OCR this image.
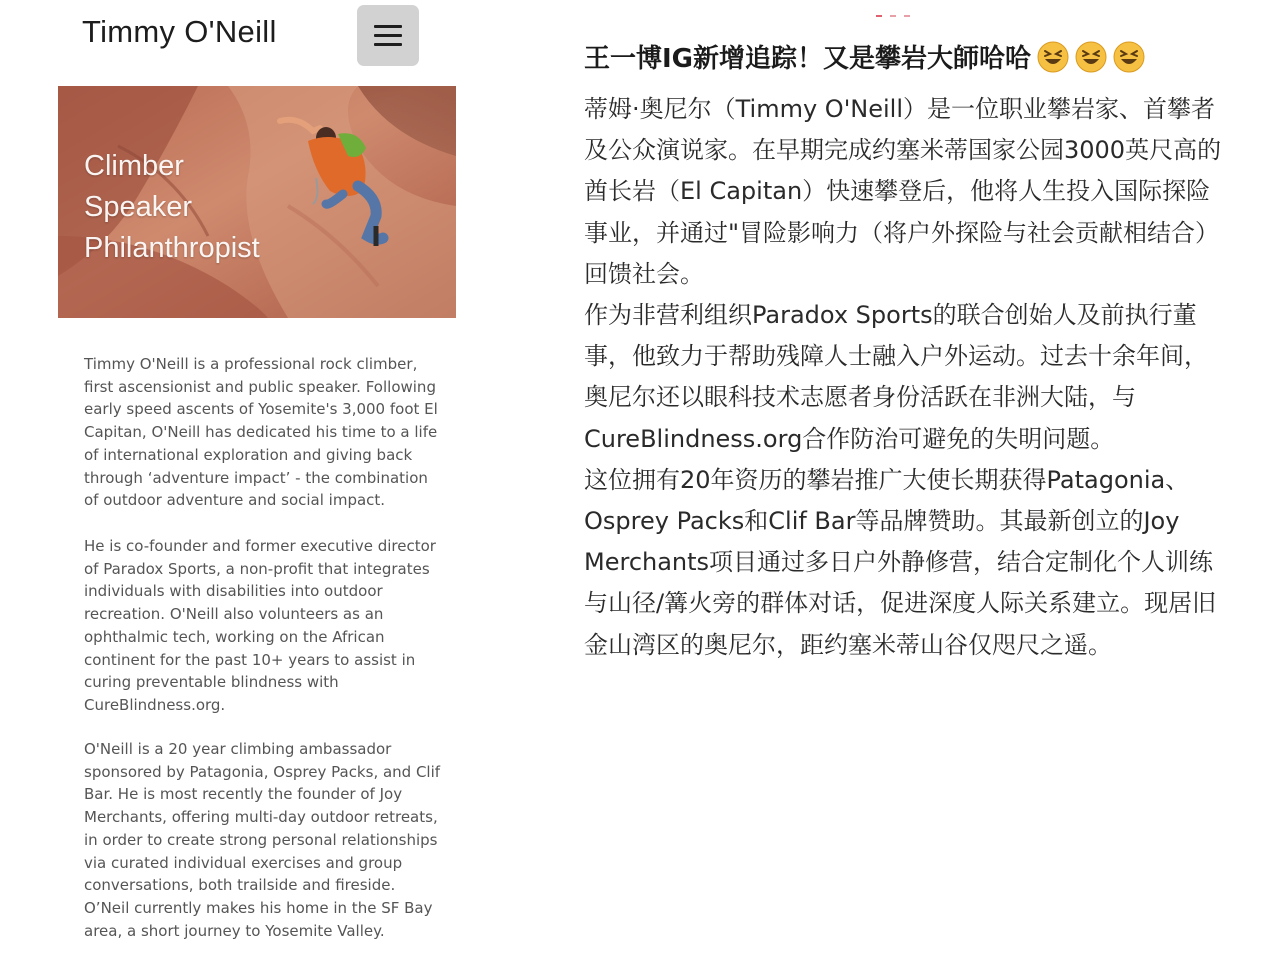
Timmy O'Neill
Climber
Speaker
Philanthropist

Timmy O'Neill is a professional rock climber, first ascensionist and public speaker. Following early speed ascents of Yosemite's 3,000 foot El Capitan, O'Neill has dedicated his time to a life of international exploration and giving back through ‘adventure impact’ - the combination of outdoor adventure and social impact.

He is co-founder and former executive director of Paradox Sports, a non-profit that integrates individuals with disabilities into outdoor recreation. O'Neill also volunteers as an ophthalmic tech, working on the African continent for the past 10+ years to assist in curing preventable blindness with CureBlindness.org.

O'Neill is a 20 year climbing ambassador sponsored by Patagonia, Osprey Packs, and Clif Bar. He is most recently the founder of Joy Merchants, offering multi-day outdoor retreats, in order to create strong personal relationships via curated individual exercises and group conversations, both trailside and fireside. O’Neil currently makes his home in the SF Bay area, a short journey to Yosemite Valley.

王一博IG新增追踪！又是攀岩大師哈哈

蒂姆·奥尼尔（Timmy O'Neill）是一位职业攀岩家、首攀者及公众演说家。在早期完成约塞米蒂国家公园3000英尺高的酋长岩（El Capitan）快速攀登后，他将人生投入国际探险事业，并通过"冒险影响力（将户外探险与社会贡献相结合）回馈社会。

作为非营利组织Paradox Sports的联合创始人及前执行董事，他致力于帮助残障人士融入户外运动。过去十余年间，奥尼尔还以眼科技术志愿者身份活跃在非洲大陆，与CureBlindness.org合作防治可避免的失明问题。

这位拥有20年资历的攀岩推广大使长期获得Patagonia、Osprey Packs和Clif Bar等品牌赞助。其最新创立的Joy Merchants项目通过多日户外静修营，结合定制化个人训练与山径/篝火旁的群体对话，促进深度人际关系建立。现居旧金山湾区的奥尼尔，距约塞米蒂山谷仅咫尺之遥。
